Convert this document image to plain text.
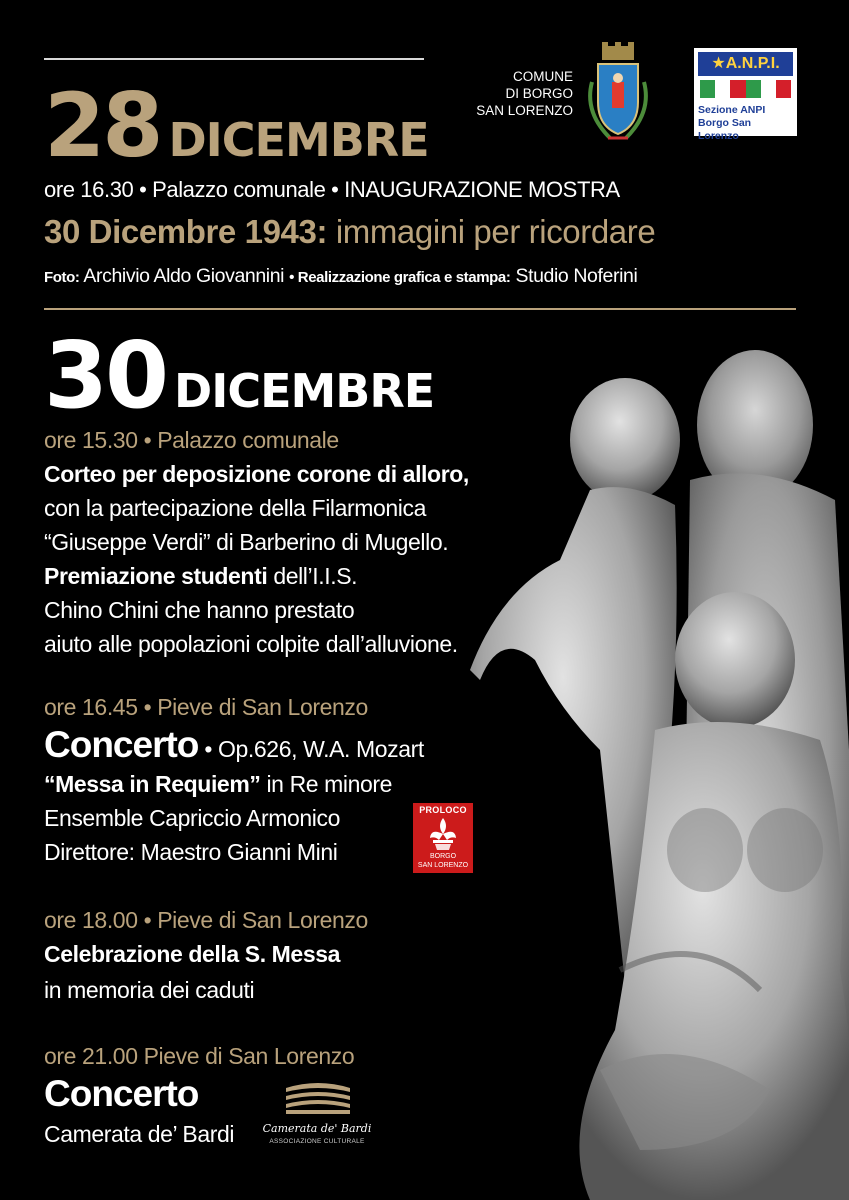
COMUNE
DI BORGO
SAN LORENZO
★A.N.P.I.
Sezione ANPI
Borgo San Lorenzo
28 DICEMBRE
ore 16.30 • Palazzo comunale • INAUGURAZIONE MOSTRA
30 Dicembre 1943: immagini per ricordare
Foto: Archivio Aldo Giovannini • Realizzazione grafica e stampa: Studio Noferini
30 DICEMBRE
ore 15.30 • Palazzo comunale
Corteo per deposizione corone di alloro,
con la partecipazione della Filarmonica
“Giuseppe Verdi” di Barberino di Mugello.
Premiazione studenti dell’I.I.S.
Chino Chini che hanno prestato
aiuto alle popolazioni colpite dall’alluvione.
ore 16.45 • Pieve di San Lorenzo
Concerto • Op.626, W.A. Mozart
“Messa in Requiem” in Re minore
Ensemble Capriccio Armonico
Direttore: Maestro Gianni Mini
PROLOCO
BORGO
SAN LORENZO
ore 18.00 • Pieve di San Lorenzo
Celebrazione della S. Messa
in memoria dei caduti
ore 21.00 Pieve di San Lorenzo
Concerto
Camerata de’ Bardi	Camerata de' Bardi
ASSOCIAZIONE CULTURALE
